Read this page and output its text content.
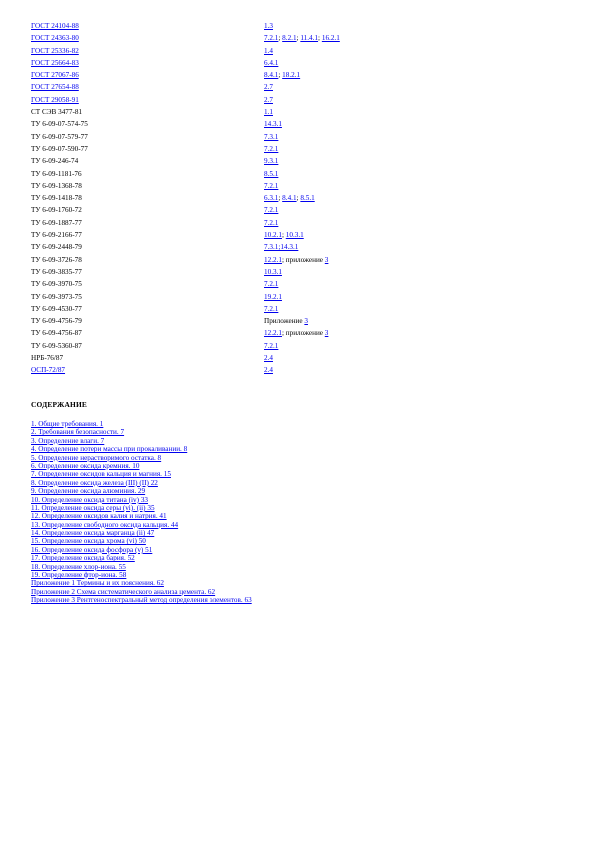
ГОСТ 24104-88	1.3
ГОСТ 24363-80	7.2.1; 8.2.1; 11.4.1; 16.2.1
ГОСТ 25336-82	1.4
ГОСТ 25664-83	6.4.1
ГОСТ 27067-86	8.4.1; 18.2.1
ГОСТ 27654-88	2.7
ГОСТ 29058-91	2.7
СТ СЭВ 3477-81	1.1
ТУ 6-09-07-574-75	14.3.1
ТУ 6-09-07-579-77	7.3.1
ТУ 6-09-07-590-77	7.2.1
ТУ 6-09-246-74	9.3.1
ТУ 6-09-1181-76	8.5.1
ТУ 6-09-1368-78	7.2.1
ТУ 6-09-1418-78	6.3.1; 8.4.1; 8.5.1
ТУ 6-09-1760-72	7.2.1
ТУ 6-09-1887-77	7.2.1
ТУ 6-09-2166-77	10.2.1; 10.3.1
ТУ 6-09-2448-79	7.3.1;14.3.1
ТУ 6-09-3726-78	12.2.1; приложение 3
ТУ 6-09-3835-77	10.3.1
ТУ 6-09-3970-75	7.2.1
ТУ 6-09-3973-75	19.2.1
ТУ 6-09-4530-77	7.2.1
ТУ 6-09-4756-79	Приложение 3
ТУ 6-09-4756-87	12.2.1; приложение 3
ТУ 6-09-5360-87	7.2.1
НРБ-76/87	2.4
ОСП-72/87	2.4
СОДЕРЖАНИЕ
1. Общие требования. 1
2. Требования безопасности. 7
3. Определение влаги. 7
4. Определение потери массы при прокаливании. 8
5. Определение нерастворимого остатка. 8
6. Определение оксида кремния. 10
7. Определение оксидов кальция и магния. 15
8. Определение оксида железа (III) (II) 22
9. Определение оксида алюминия. 29
10. Определение оксида титана (iv) 33
11. Определение оксида серы (vi). (ii) 35
12. Определение оксидов калия и натрия. 41
13. Определение свободного оксида кальция. 44
14. Определение оксида марганца (ii) 47
15. Определение оксида хрома (vi) 50
16. Определение оксида фосфора (v) 51
17. Определение оксида бария. 52
18. Определение хлор-иона. 55
19. Определение фтор-иона. 58
Приложение 1 Термины и их пояснения. 62
Приложение 2 Схема систематического анализа цемента. 62
Приложение 3 Рентгеноспектральный метод определения элементов. 63
